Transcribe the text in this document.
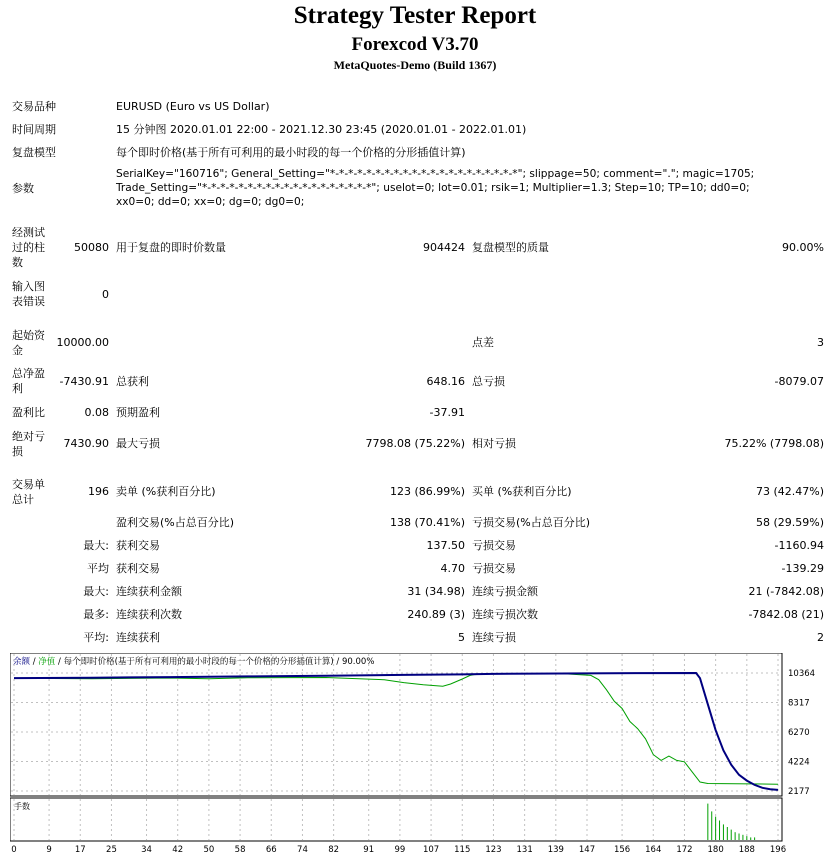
Strategy Tester Report
Forexcod V3.70
MetaQuotes-Demo (Build 1367)
交易品种	EURUSD (Euro vs US Dollar)
时间周期	15 分钟图 2020.01.01 22:00 - 2021.12.30 23:45 (2020.01.01 - 2022.01.01)
复盘模型	每个即时价格(基于所有可利用的最小时段的每一个价格的分形插值计算)
参数
SerialKey="160716"; General_Setting="*-*-*-*-*-*-*-*-*-*-*-*-*-*-*-*-*-*-*-*-*"; slippage=50; comment="."; magic=1705;
Trade_Setting="*-*-*-*-*-*-*-*-*-*-*-*-*-*-*-*-*-*-*"; uselot=0; lot=0.01; rsik=1; Multiplier=1.3; Step=10; TP=10; dd0=0;
xx0=0; dd=0; xx=0; dg=0; dg0=0;
经测试
过的柱
数
50080 用于复盘的即时价数量	904424 复盘模型的质量	90.00%
输入图
表错误
0
起始资
金
10000.00	点差	3
总净盈
利
-7430.91 总获利	648.16 总亏损	-8079.07
盈利比	0.08 预期盈利	-37.91
绝对亏
损
7430.90 最大亏损	7798.08 (75.22%) 相对亏损	75.22% (7798.08)
交易单
总计
196 卖单 (%获利百分比)	123 (86.99%) 买单 (%获利百分比)	73 (42.47%)
盈利交易(%占总百分比)	138 (70.41%) 亏损交易(%占总百分比)	58 (29.59%)
最大: 获利交易	137.50 亏损交易	-1160.94
平均 获利交易	4.70 亏损交易	-139.29
最大: 连续获利金额	31 (34.98) 连续亏损金额	21 (-7842.08)
最多: 连续获利次数	240.89 (3) 连续亏损次数	-7842.08 (21)
平均: 连续获利	5 连续亏损	2
10364
8317
6270
4224
2177
0	9	17 25	34 42 50 58 66 74 82	91 99 107 115 123 131 139 147 156 164 172 180 188 196
余额 / 净值 / 每个即时价格(基于所有可利用的最小时段的每一个价格的分形插值计算) / 90.00%
手数
